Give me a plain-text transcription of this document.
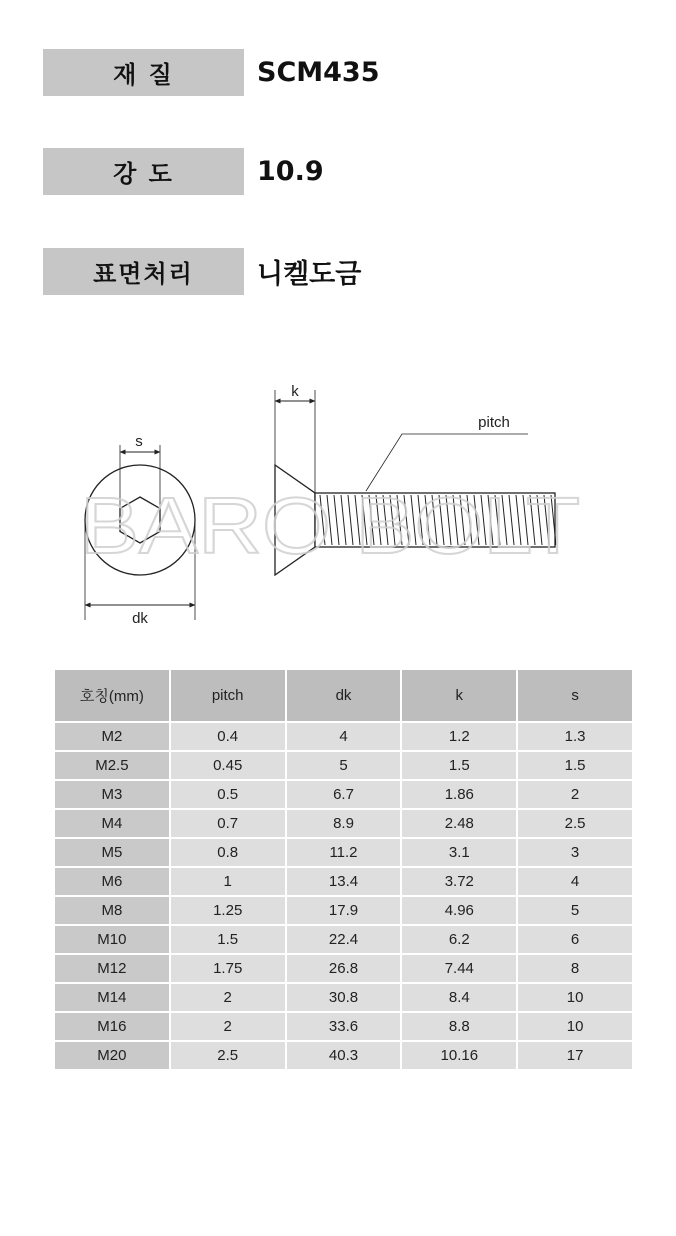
재 질	SCM435
강 도	10.9
표면처리	니켈도금
s
dk
k
pitch
BARO BOLT
호칭(mm)	pitch	dk	k	s
M2	0.4	4	1.2	1.3
M2.5	0.45	5	1.5	1.5
M3	0.5	6.7	1.86	2
M4	0.7	8.9	2.48	2.5
M5	0.8	11.2	3.1	3
M6	1	13.4	3.72	4
M8	1.25	17.9	4.96	5
M10	1.5	22.4	6.2	6
M12	1.75	26.8	7.44	8
M14	2	30.8	8.4	10
M16	2	33.6	8.8	10
M20	2.5	40.3	10.16	17
